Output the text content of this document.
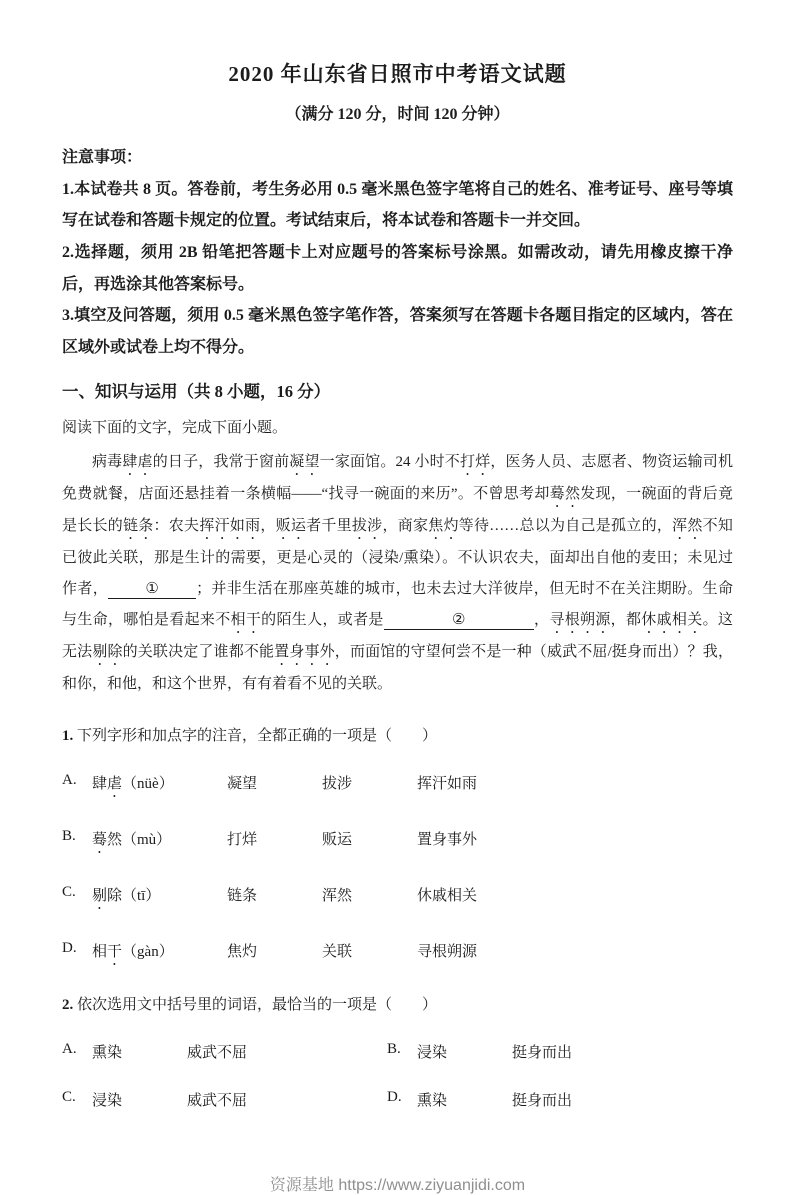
2020 年山东省日照市中考语文试题
（满分 120 分，时间 120 分钟）
注意事项：
1.本试卷共 8 页。答卷前，考生务必用 0.5 毫米黑色签字笔将自己的姓名、准考证号、座号等填写在试卷和答题卡规定的位置。考试结束后，将本试卷和答题卡一并交回。
2.选择题，须用 2B 铅笔把答题卡上对应题号的答案标号涂黑。如需改动，请先用橡皮擦干净后，再选涂其他答案标号。
3.填空及问答题，须用 0.5 毫米黑色签字笔作答，答案须写在答题卡各题目指定的区域内，答在区域外或试卷上均不得分。
一、知识与运用（共 8 小题，16 分）
阅读下面的文字，完成下面小题。

病毒肆虐的日子，我常于窗前凝望一家面馆。24 小时不打烊，医务人员、志愿者、物资运输司机免费就餐，店面还悬挂着一条横幅——“找寻一碗面的来历”。不曾思考却蓦然发现，一碗面的背后竟是长长的链条：农夫挥汗如雨，贩运者千里拔涉，商家焦灼等待……总以为自己是孤立的，浑然不知已彼此关联，那是生计的需要，更是心灵的（浸染/熏染）。不认识农夫，面却出自他的麦田；未见过作者， ① ；并非生活在那座英雄的城市，也未去过大洋彼岸，但无时不在关注期盼。生命与生命，哪怕是看起来不相干的陌生人，或者是	②	，寻根朔源，都休戚相关。这无法剔除的关联决定了谁都不能置身事外，而面馆的守望何尝不是一种（威武不屈/挺身而出）？我，和你，和他，和这个世界，有有着看不见的关联。

1. 下列字形和加点字的注音，全都正确的一项是（　　）
A.	肆虐（nüè）	凝望	拔涉	挥汗如雨
B.	蓦然（mù）	打烊	贩运	置身事外
C.	剔除（tī）	链条	浑然	休戚相关
D.	相干（gàn）	焦灼	关联	寻根朔源
2. 依次选用文中括号里的词语，最恰当的一项是（　　）
A.	熏染	威武不屈	B.	浸染	挺身而出
C.	浸染	威武不屈	D.	熏染	挺身而出
资源基地 https://www.ziyuanjidi.com
